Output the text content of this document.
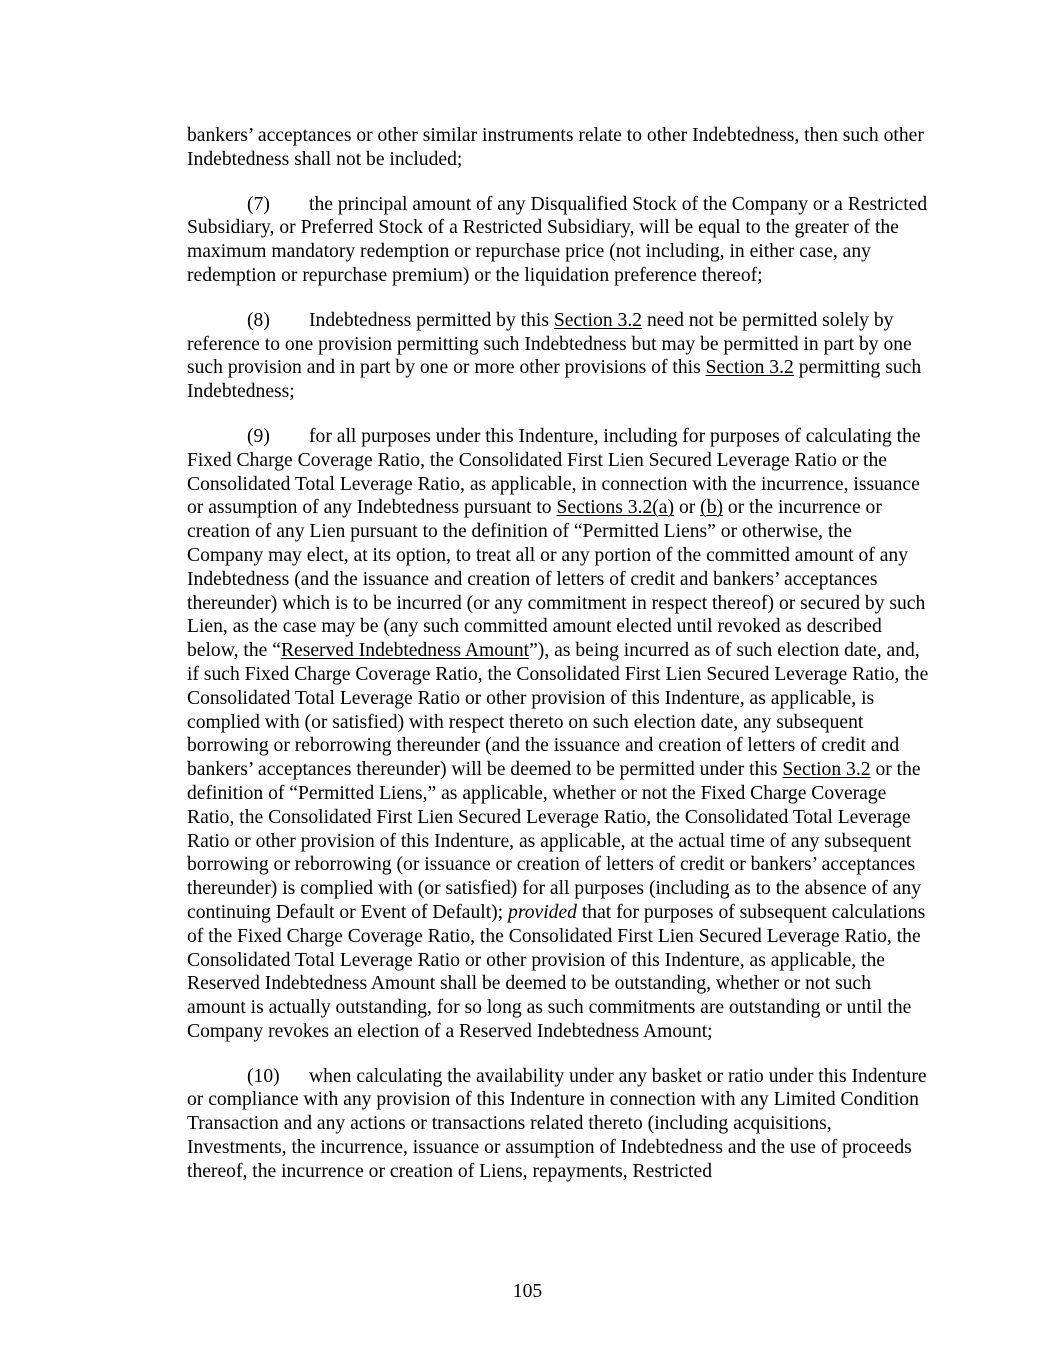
bankers’ acceptances or other similar instruments relate to other Indebtedness, then such other Indebtedness shall not be included;

(7) the principal amount of any Disqualified Stock of the Company or a Restricted Subsidiary, or Preferred Stock of a Restricted Subsidiary, will be equal to the greater of the maximum mandatory redemption or repurchase price (not including, in either case, any redemption or repurchase premium) or the liquidation preference thereof;

(8) Indebtedness permitted by this Section 3.2 need not be permitted solely by reference to one provision permitting such Indebtedness but may be permitted in part by one such provision and in part by one or more other provisions of this Section 3.2 permitting such Indebtedness;

(9) for all purposes under this Indenture, including for purposes of calculating the Fixed Charge Coverage Ratio, the Consolidated First Lien Secured Leverage Ratio or the Consolidated Total Leverage Ratio, as applicable, in connection with the incurrence, issuance or assumption of any Indebtedness pursuant to Sections 3.2(a) or (b) or the incurrence or creation of any Lien pursuant to the definition of “Permitted Liens” or otherwise, the Company may elect, at its option, to treat all or any portion of the committed amount of any Indebtedness (and the issuance and creation of letters of credit and bankers’ acceptances thereunder) which is to be incurred (or any commitment in respect thereof) or secured by such Lien, as the case may be (any such committed amount elected until revoked as described below, the “Reserved Indebtedness Amount”), as being incurred as of such election date, and, if such Fixed Charge Coverage Ratio, the Consolidated First Lien Secured Leverage Ratio, the Consolidated Total Leverage Ratio or other provision of this Indenture, as applicable, is complied with (or satisfied) with respect thereto on such election date, any subsequent borrowing or reborrowing thereunder (and the issuance and creation of letters of credit and bankers’ acceptances thereunder) will be deemed to be permitted under this Section 3.2 or the definition of “Permitted Liens,” as applicable, whether or not the Fixed Charge Coverage Ratio, the Consolidated First Lien Secured Leverage Ratio, the Consolidated Total Leverage Ratio or other provision of this Indenture, as applicable, at the actual time of any subsequent borrowing or reborrowing (or issuance or creation of letters of credit or bankers’ acceptances thereunder) is complied with (or satisfied) for all purposes (including as to the absence of any continuing Default or Event of Default); provided that for purposes of subsequent calculations of the Fixed Charge Coverage Ratio, the Consolidated First Lien Secured Leverage Ratio, the Consolidated Total Leverage Ratio or other provision of this Indenture, as applicable, the Reserved Indebtedness Amount shall be deemed to be outstanding, whether or not such amount is actually outstanding, for so long as such commitments are outstanding or until the Company revokes an election of a Reserved Indebtedness Amount;

(10) when calculating the availability under any basket or ratio under this Indenture or compliance with any provision of this Indenture in connection with any Limited Condition Transaction and any actions or transactions related thereto (including acquisitions, Investments, the incurrence, issuance or assumption of Indebtedness and the use of proceeds thereof, the incurrence or creation of Liens, repayments, Restricted

105
